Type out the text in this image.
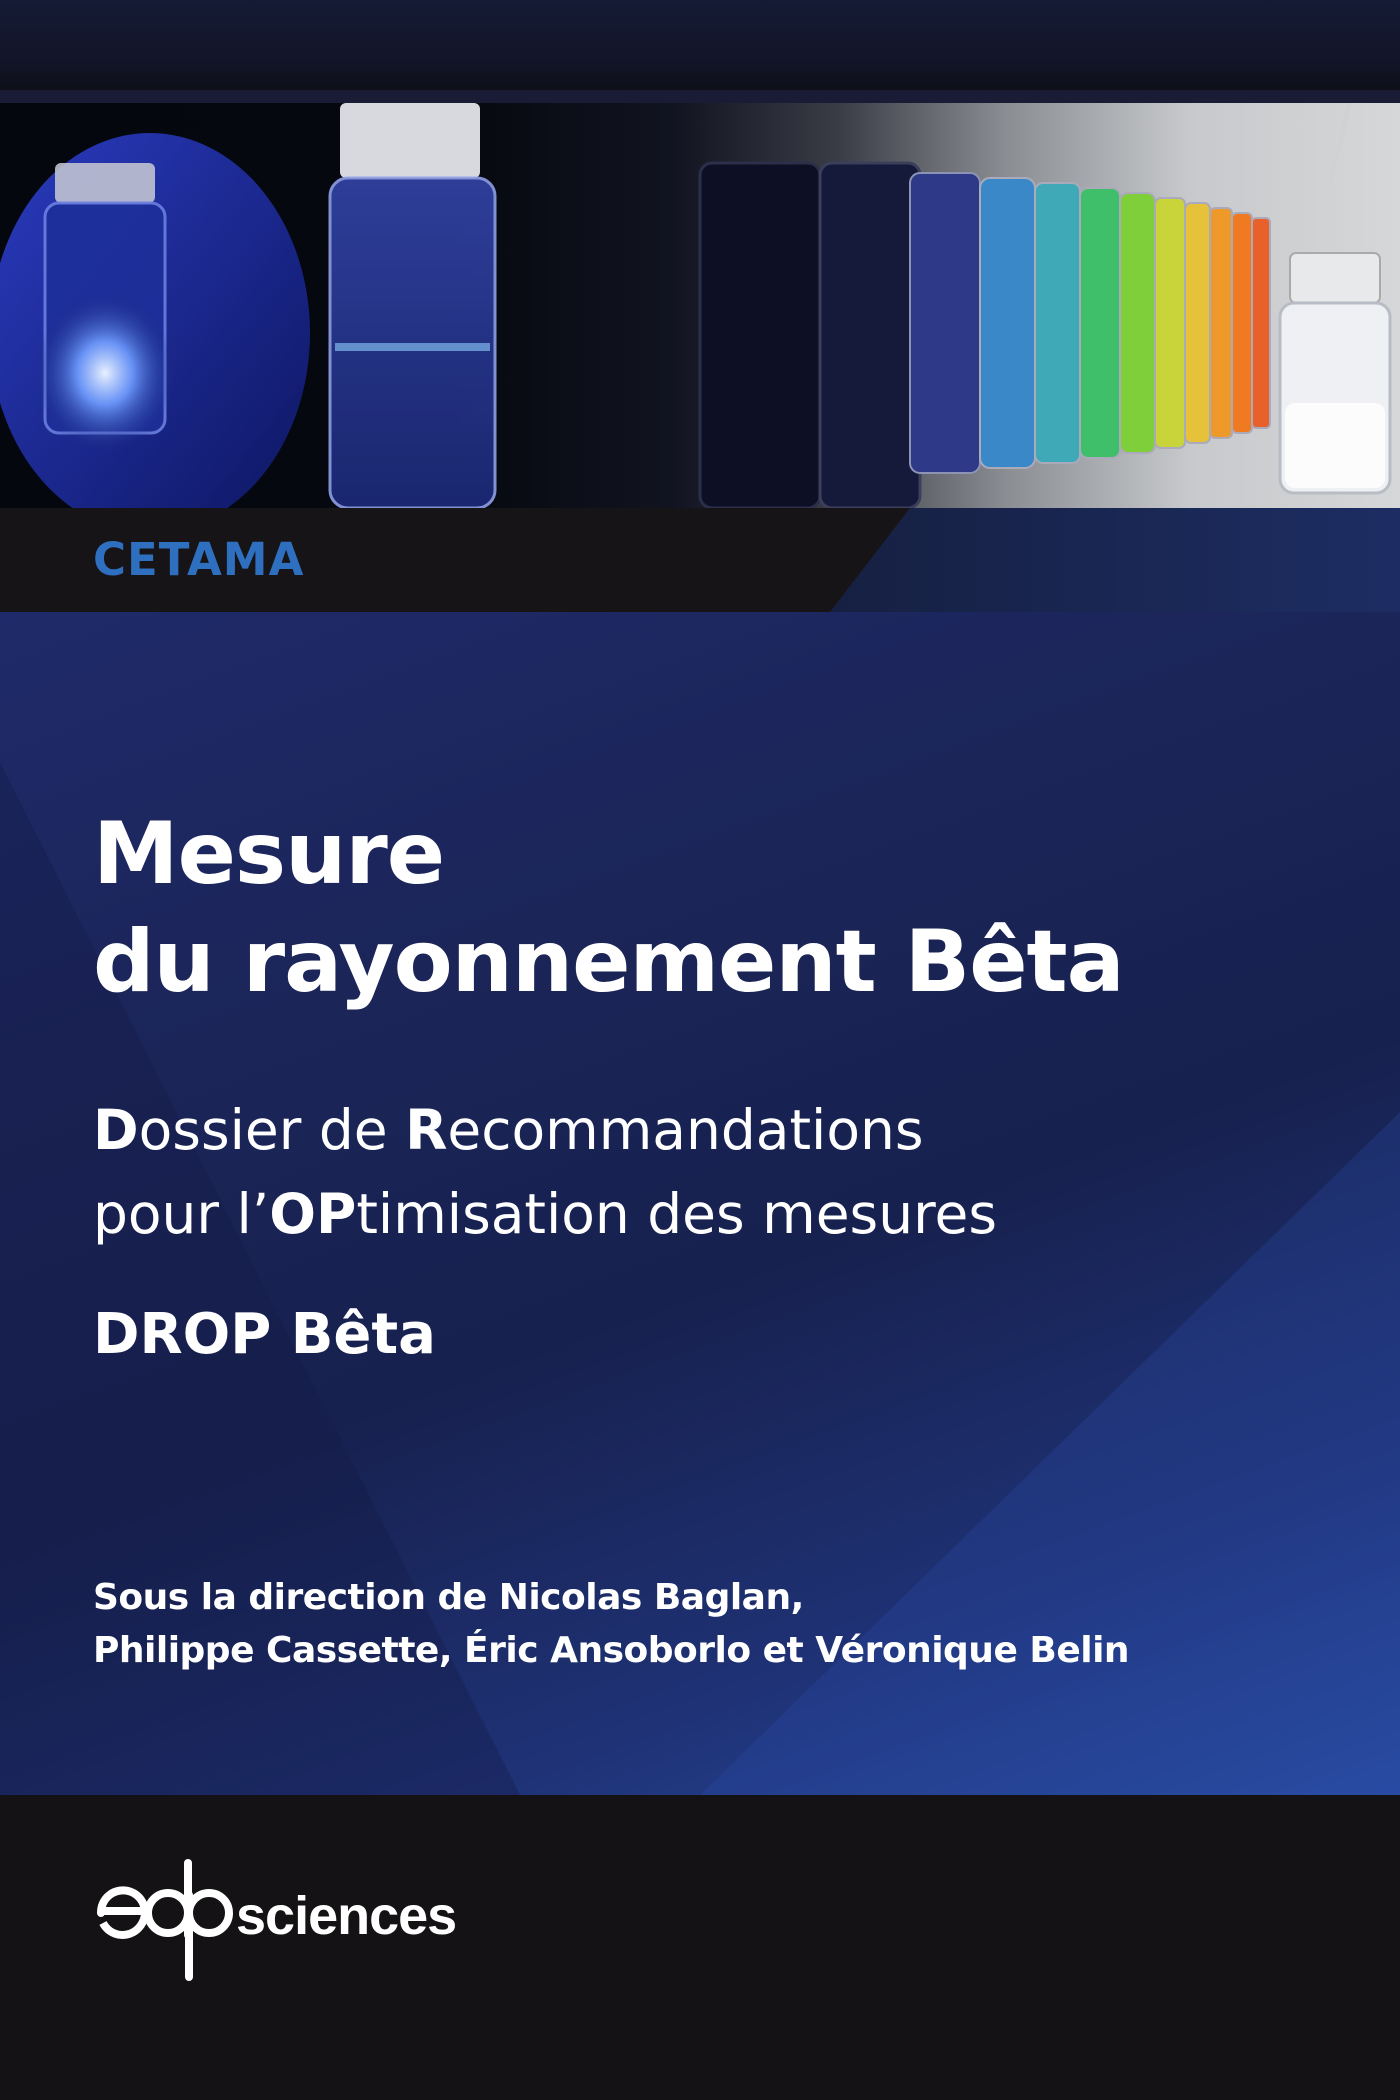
CETAMA
Mesure
du rayonnement Bêta
Dossier de Recommandations
pour l’OPtimisation des mesures
DROP Bêta
Sous la direction de Nicolas Baglan,
Philippe Cassette, Éric Ansoborlo et Véronique Belin
sciences
